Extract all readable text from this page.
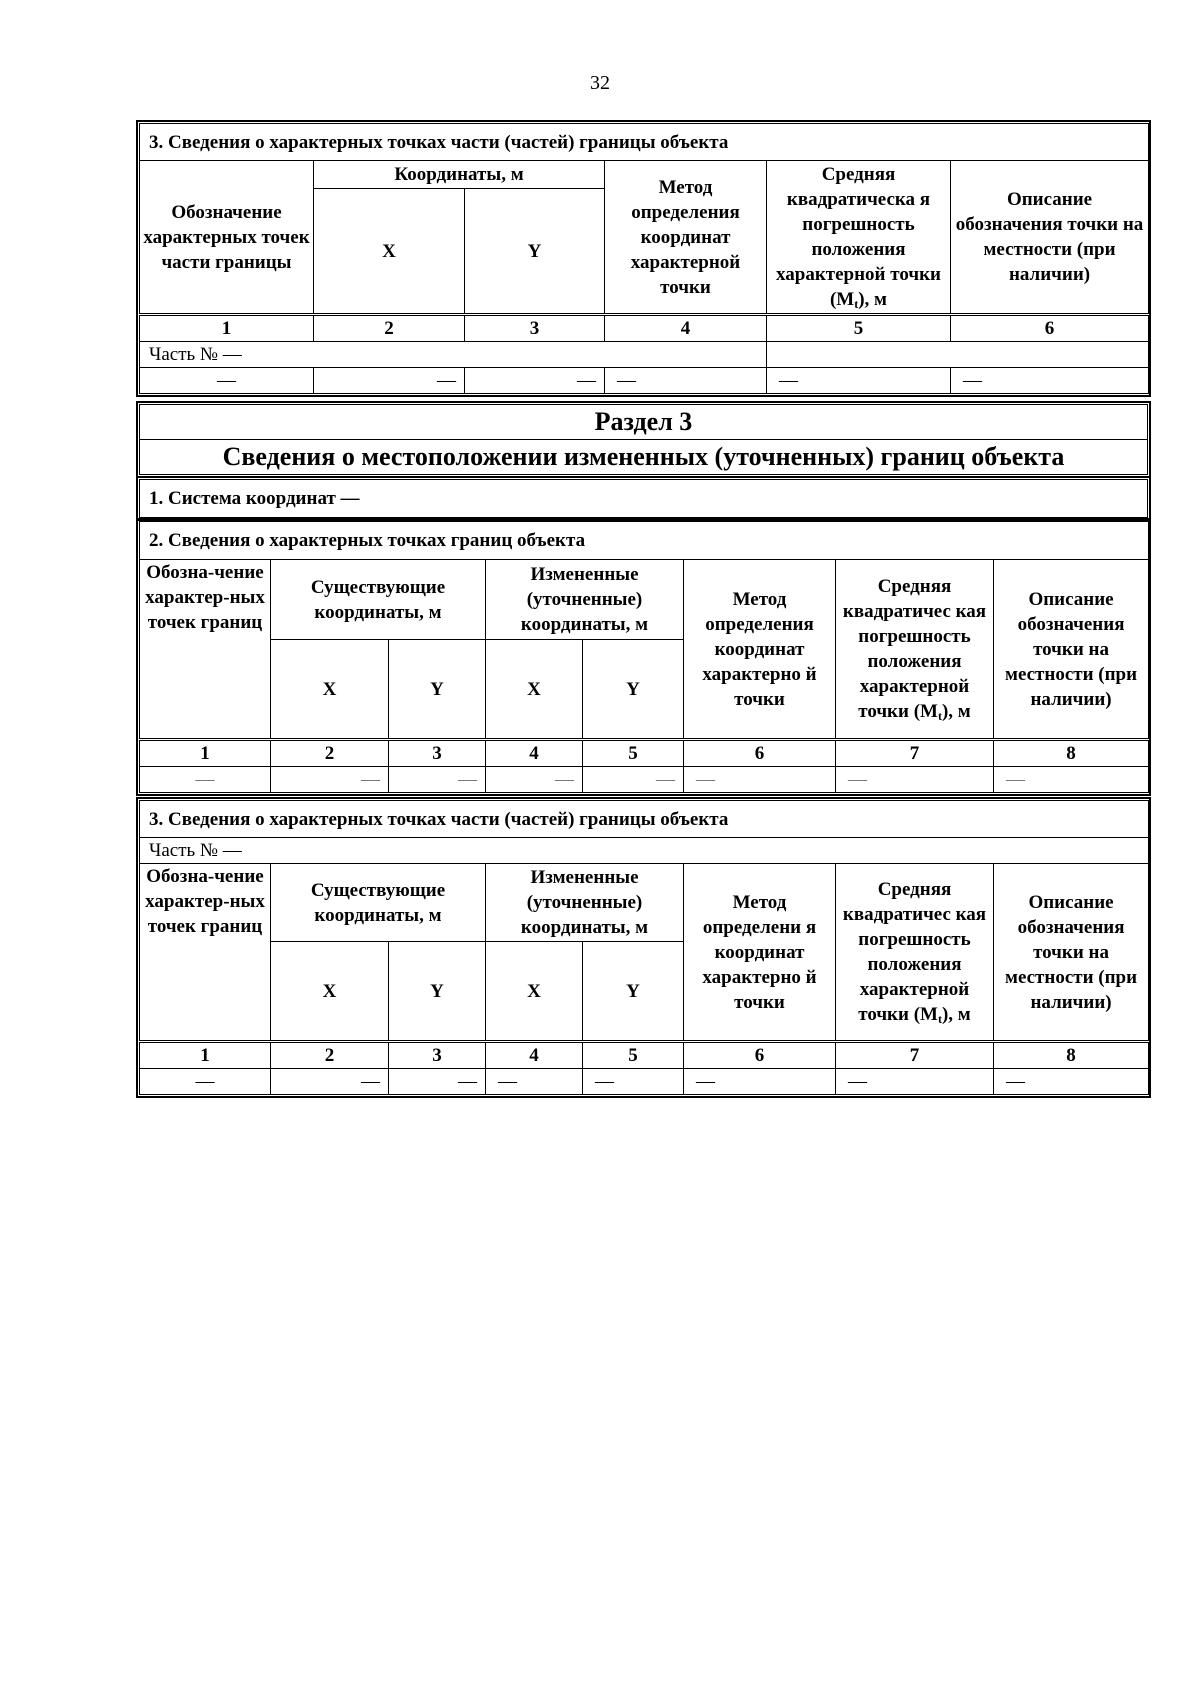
32
3. Сведения о характерных точках части (частей) границы объекта					
Обозначение характерных точек части границы	Координаты, м		Метод определения координат характерной точки	Средняя квадратическа я погрешность положения характерной точки $(M_t)$, м	Описание обозначения точки на местности (при наличии)
	X	Y			
1	2	3	4	5	6
Часть № —					
—	—	—	—	—	—
Раздел 3
Сведения о местоположении измененных (уточненных) границ объекта
1. Система координат —
2. Сведения о характерных точках границ объекта							
Обозна-чение характер-ных точек границ	Существующие координаты, м		Измененные (уточненные) координаты, м		Метод определения координат характерно й точки	Средняя квадратичес кая погрешность положения характерной точки $(M_t)$, м	Описание обозначения точки на местности (при наличии)
	X	Y	X	Y			
1	2	3	4	5	6	7	8
—	—	—	—	—	—	—	—
3. Сведения о характерных точках части (частей) границы объекта							
Часть № —							
Обозна-чение характер-ных точек границ	Существующие координаты, м		Измененные (уточненные) координаты, м		Метод определени я координат характерно й точки	Средняя квадратичес кая погрешность положения характерной точки $(M_t)$, м	Описание обозначения точки на местности (при наличии)
	X	Y	X	Y			
1	2	3	4	5	6	7	8
—	—	—	—	—	—	—	—
